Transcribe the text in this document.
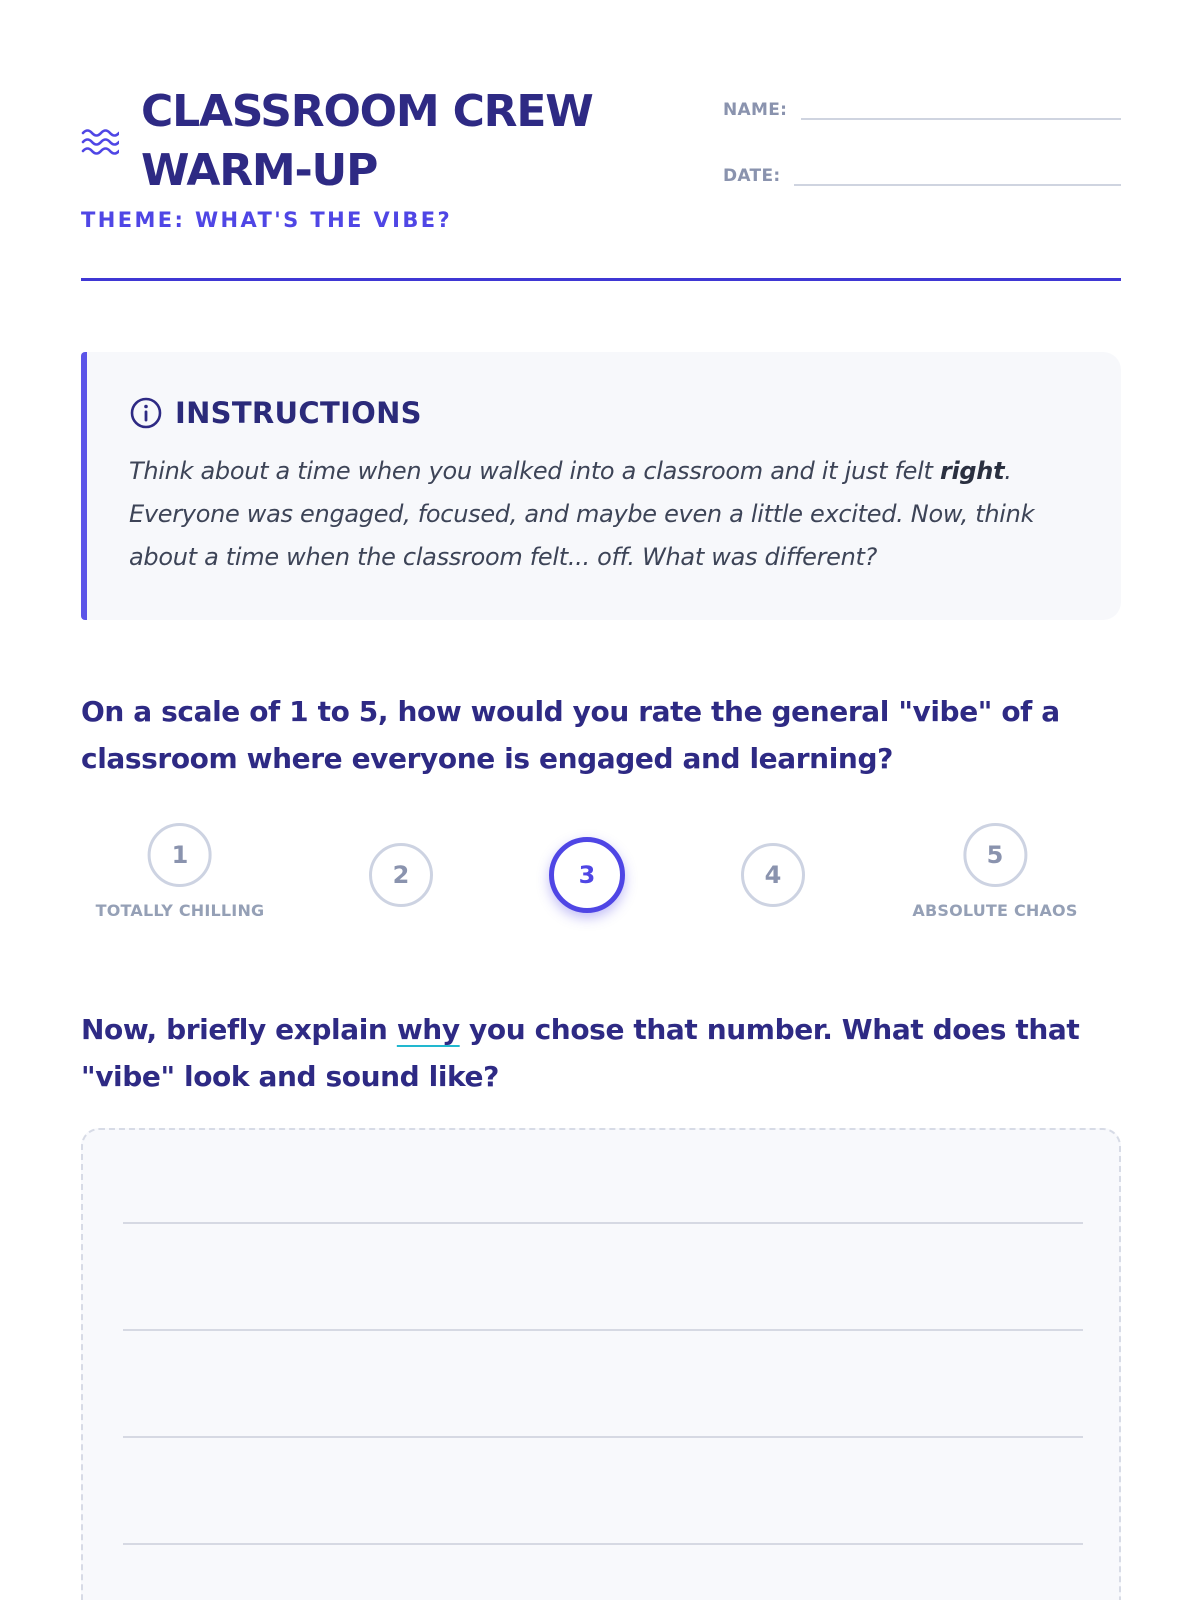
CLASSROOM CREW
WARM-UP
THEME: WHAT'S THE VIBE?
NAME:
DATE:
INSTRUCTIONS

Think about a time when you walked into a classroom and it just felt right. Everyone was engaged, focused, and maybe even a little excited. Now, think about a time when the classroom felt... off. What was different?

On a scale of 1 to 5, how would you rate the general "vibe" of a classroom where everyone is engaged and learning?
1
TOTALLY CHILLING
2	3	4
5
ABSOLUTE CHAOS
Now, briefly explain why you chose that number. What does that "vibe" look and sound like?
